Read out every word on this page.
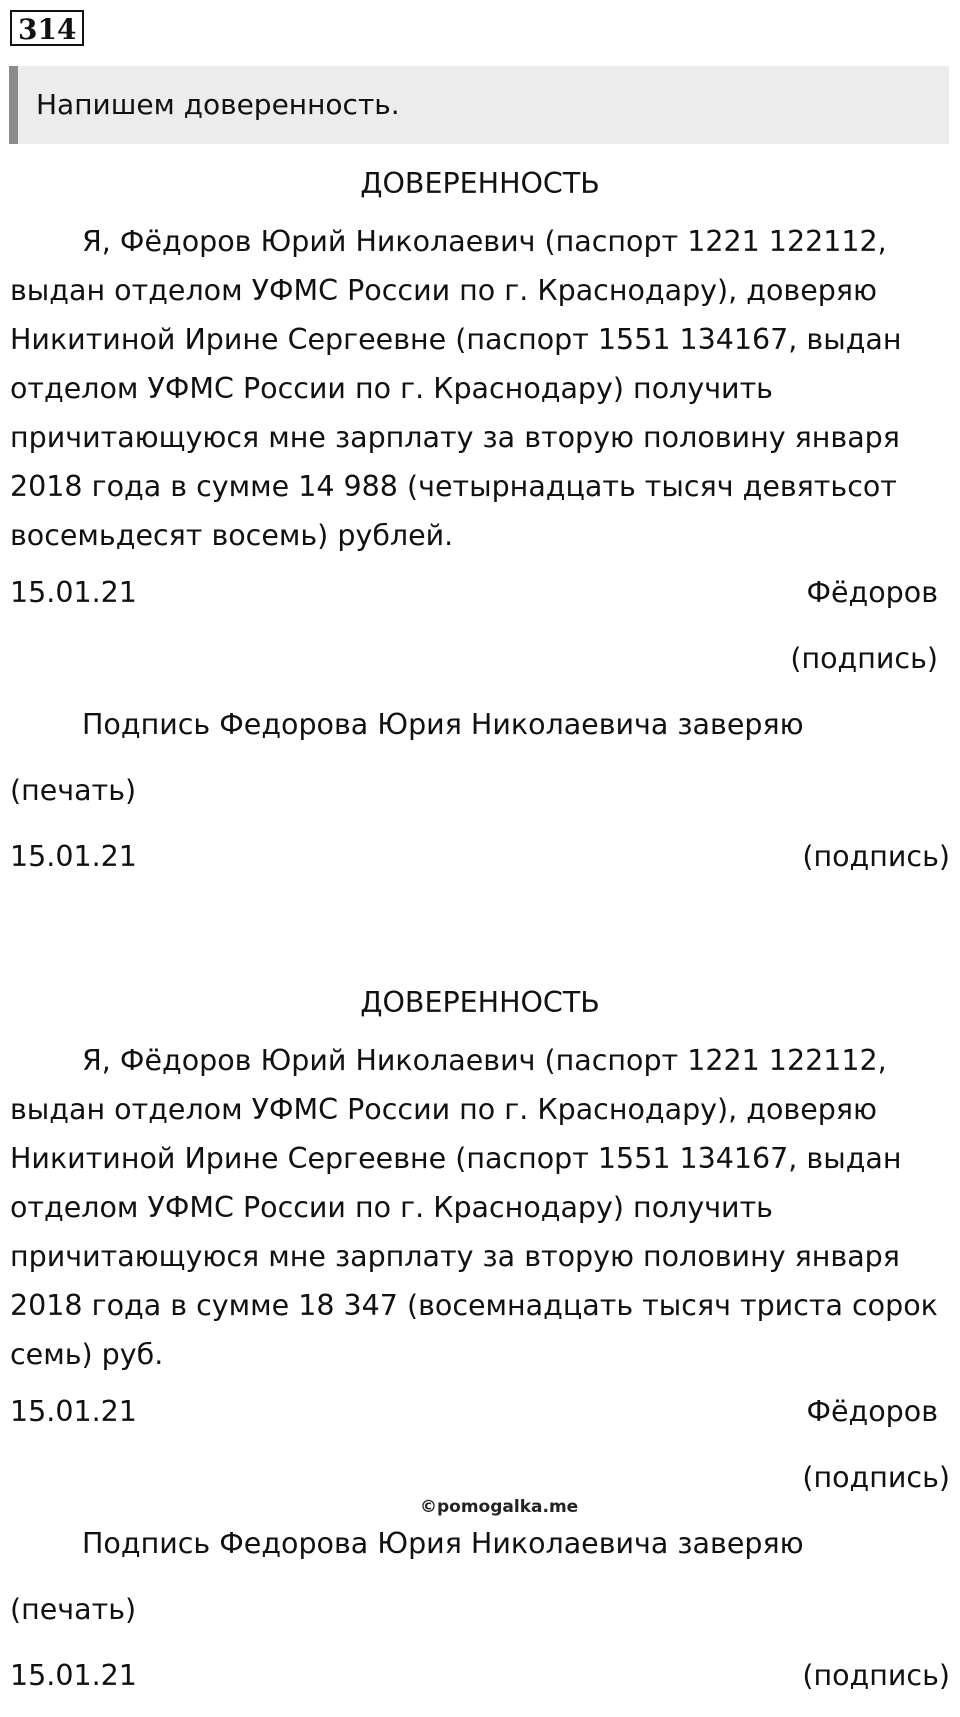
314
Напишем доверенность.
ДОВЕРЕННОСТЬ

Я, Фёдоров Юрий Николаевич (паспорт 1221 122112, выдан отделом УФМС России по г. Краснодару), доверяю Никитиной Ирине Сергеевне (паспорт 1551 134167, выдан отделом УФМС России по г. Краснодару) получить причитающуюся мне зарплату за вторую половину января 2018 года в сумме 14 988 (четырнадцать тысяч девятьсот восемьдесят восемь) рублей.

15.01.21	Фёдоров
(подпись)
Подпись Федорова Юрия Николаевича заверяю
(печать)
15.01.21	(подпись)
ДОВЕРЕННОСТЬ

Я, Фёдоров Юрий Николаевич (паспорт 1221 122112, выдан отделом УФМС России по г. Краснодару), доверяю Никитиной Ирине Сергеевне (паспорт 1551 134167, выдан отделом УФМС России по г. Краснодару) получить причитающуюся мне зарплату за вторую половину января 2018 года в сумме 18 347 (восемнадцать тысяч триста сорок семь) руб.

15.01.21	Фёдоров
(подпись)
Подпись Федорова Юрия Николаевича заверяю
(печать)
15.01.21	(подпись)
©pomogalka.me
